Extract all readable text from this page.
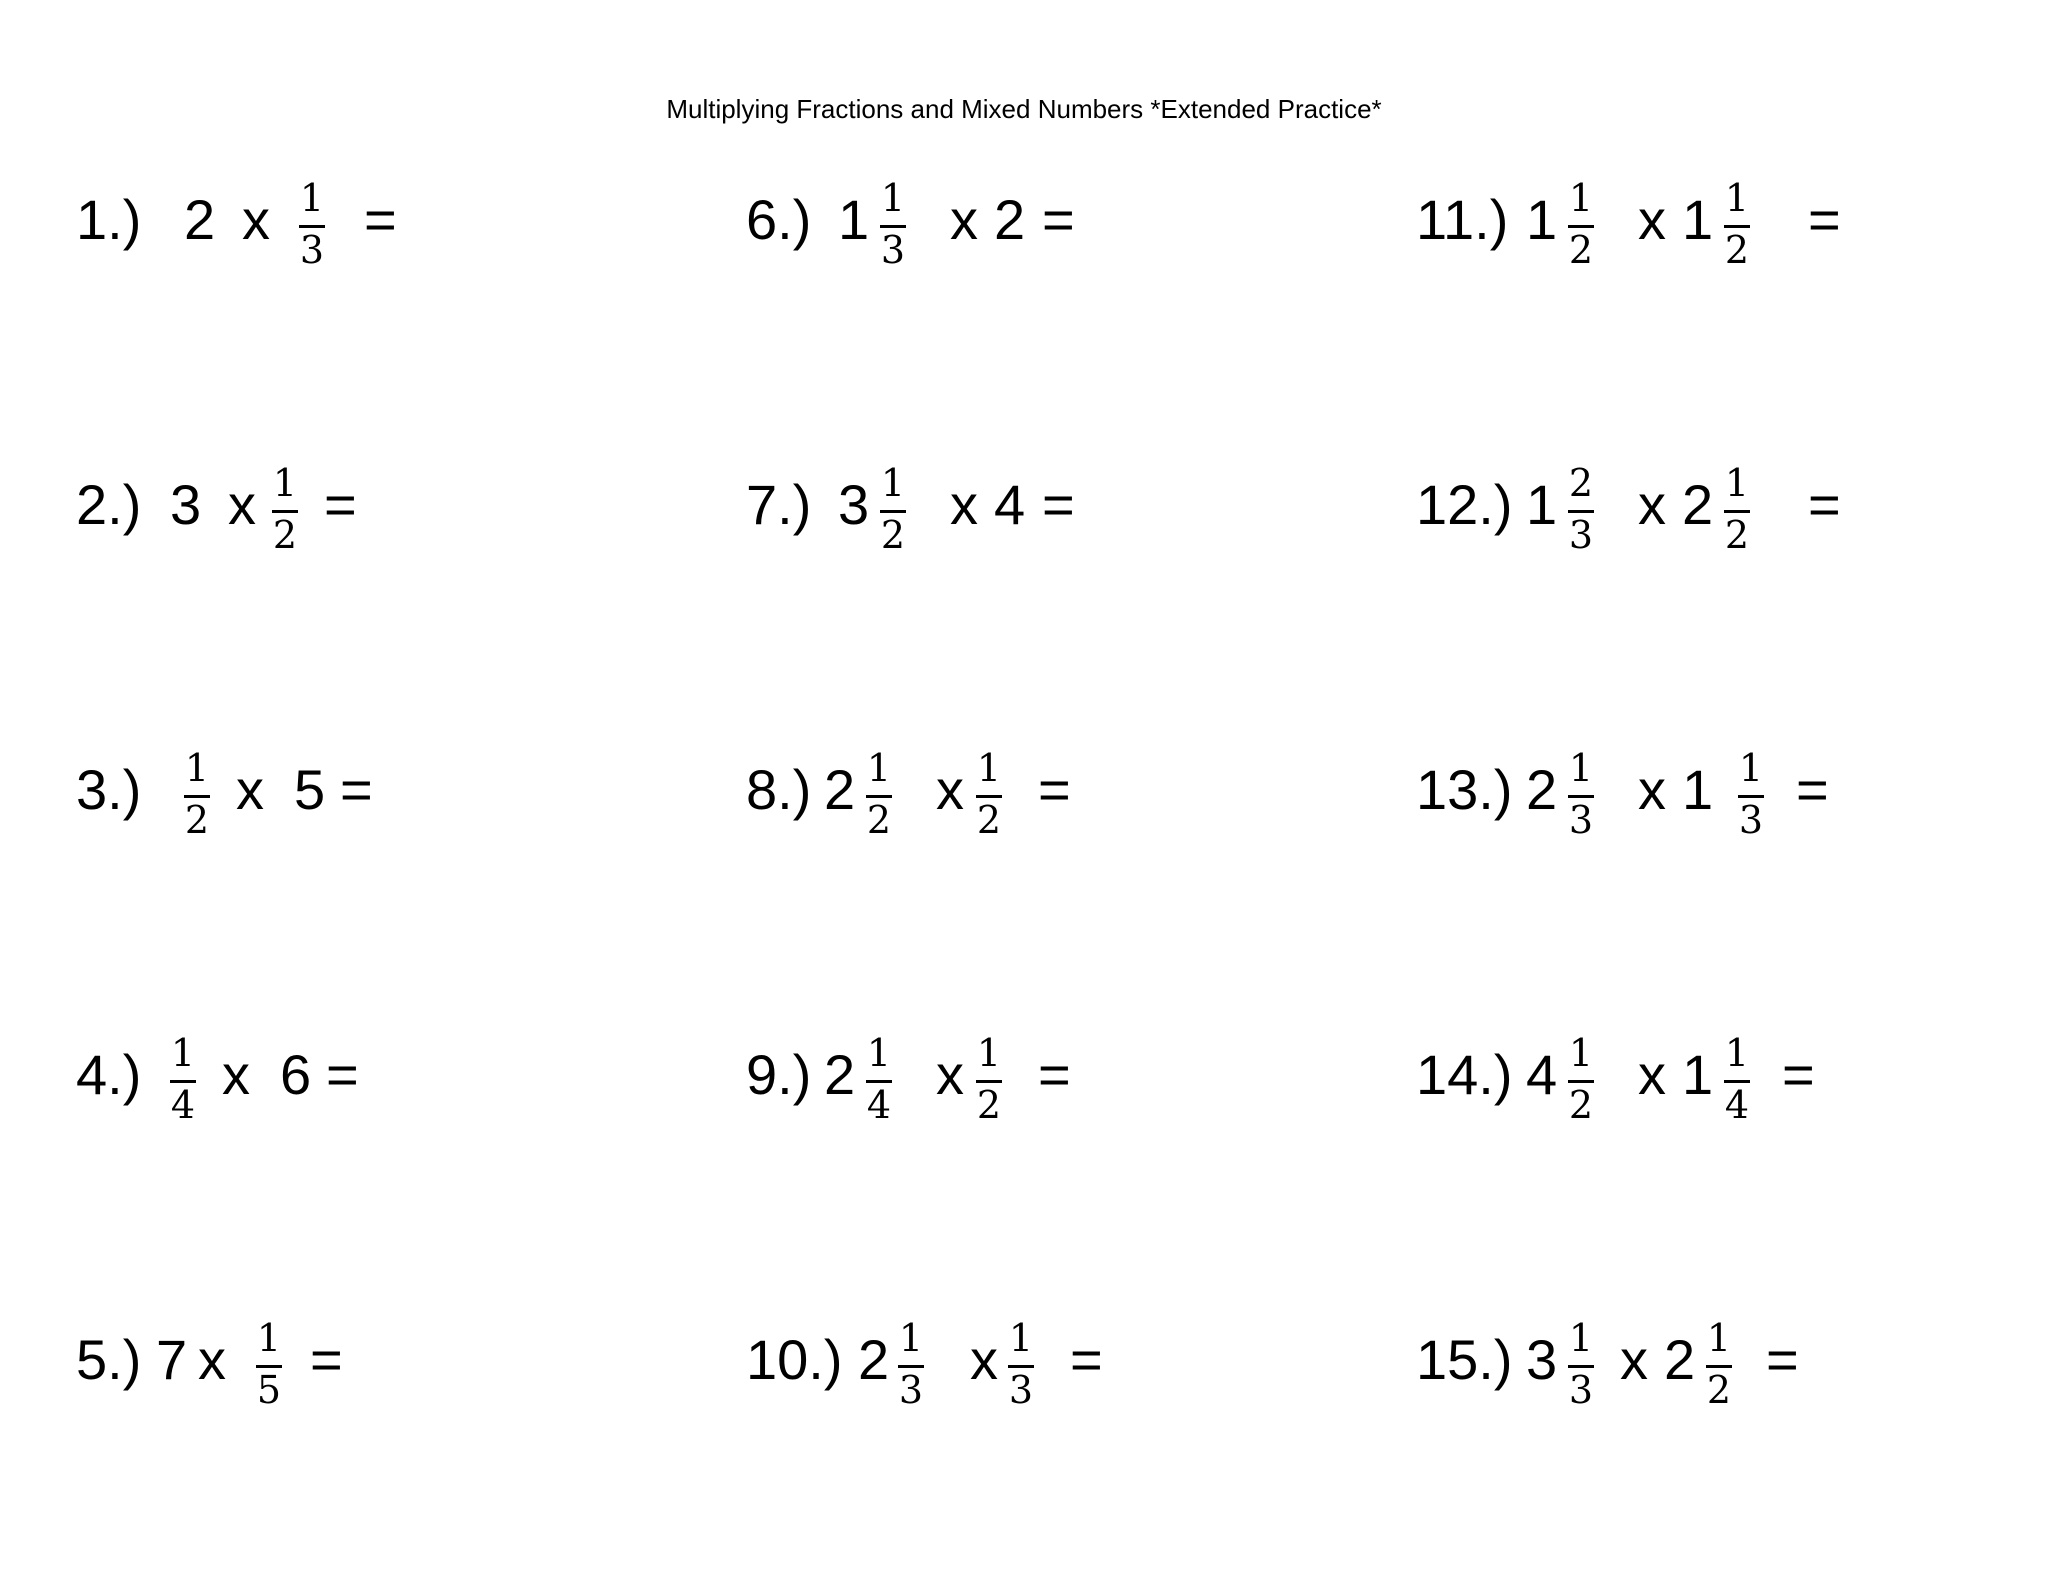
Multiplying Fractions and Mixed Numbers *Extended Practice*
1.) 2 x 1
3 =
2.) 3 x 1
2 =
3.) 1
2 x 5 =
4.) 1
4 x 6 =
5.) 7 x 1
5 =
6.) 1 1
3 x 2 =
7.) 3 1
2 x 4 =
8.) 2 1
2 x 1
2 =
9.) 2 1
4 x 1
2 =
10.) 2 1
3 x 1
3 =
11.) 1 1
2 x 1 1
2 =
12.) 1 2
3 x 2 1
2 =
13.) 2 1
3 x 1 1
3 =
14.) 4 1
2 x 1 1
4 =
15.) 3 1
3 x 2 1
2 =
